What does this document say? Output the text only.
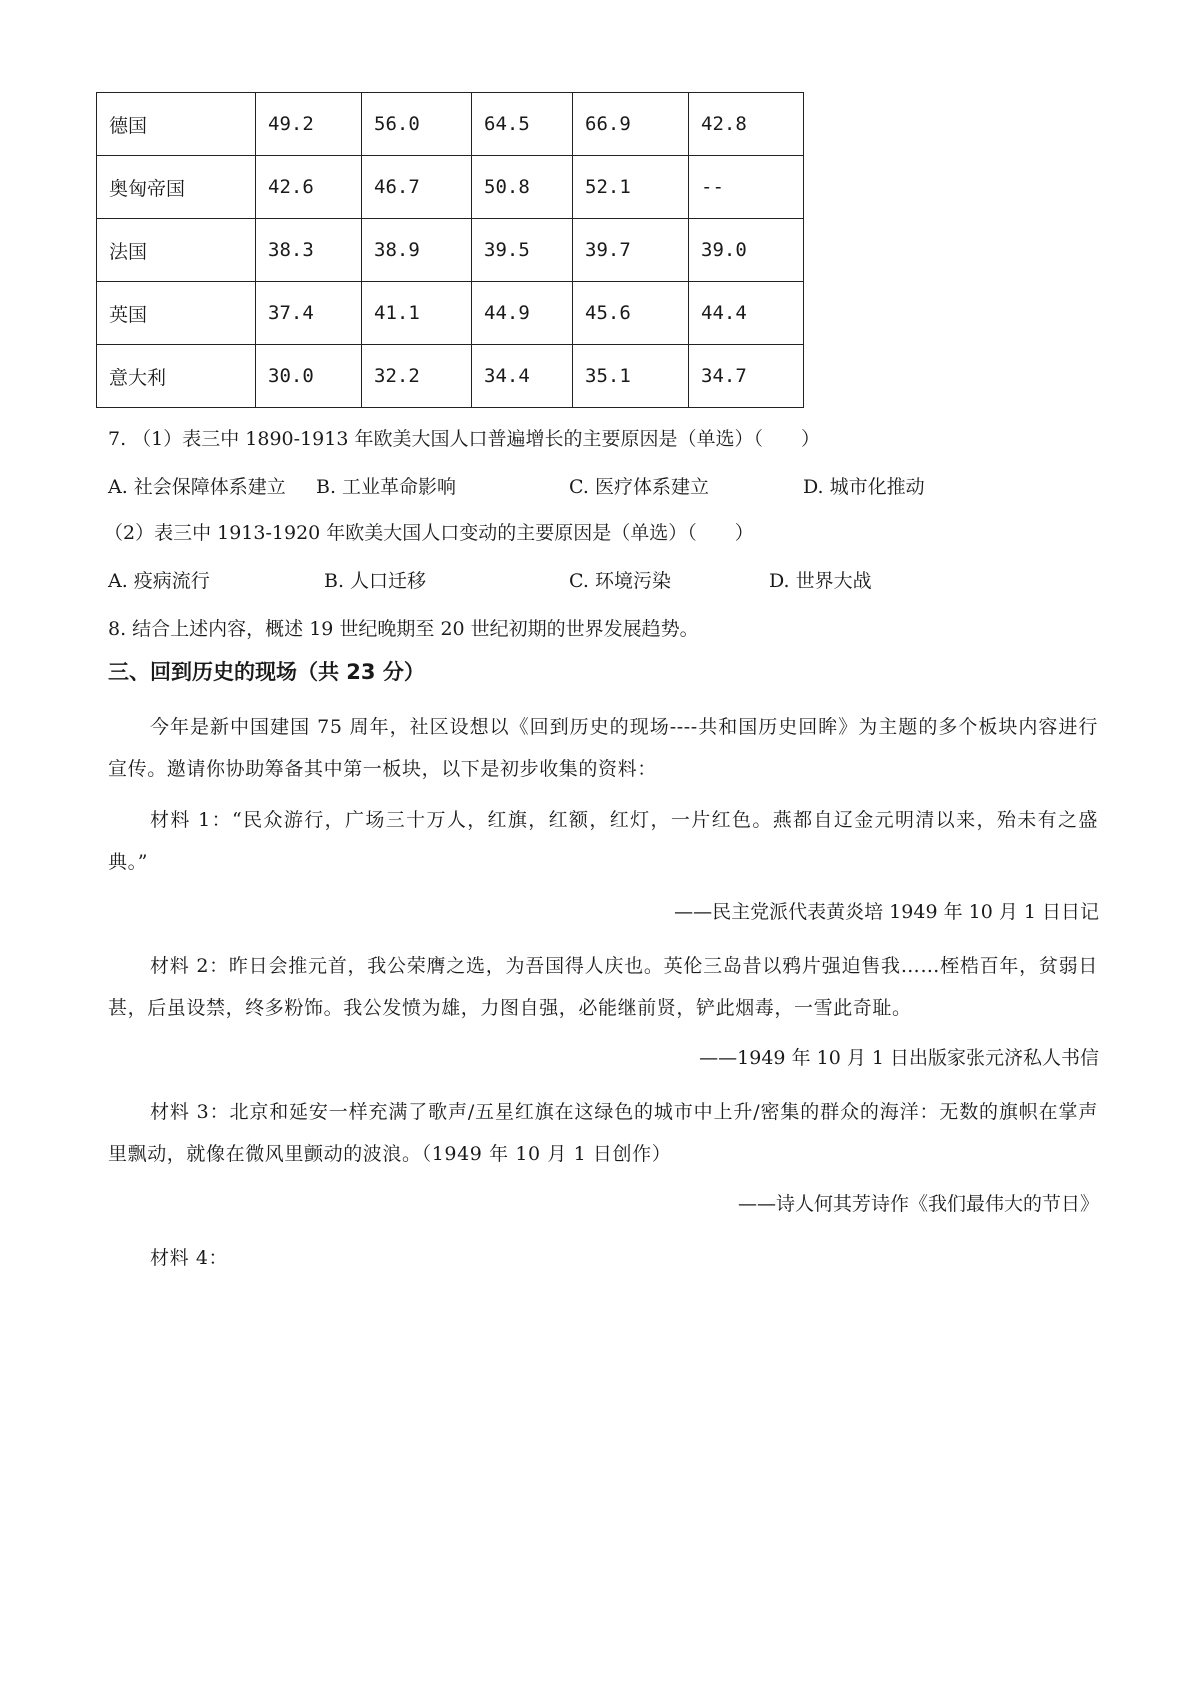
德国	49.2	56.0	64.5	66.9	42.8
奥匈帝国	42.6	46.7	50.8	52.1	--
法国	38.3	38.9	39.5	39.7	39.0
英国	37.4	41.1	44.9	45.6	44.4
意大利	30.0	32.2	34.4	35.1	34.7
7. （1）表三中 1890-1913 年欧美大国人口普遍增长的主要原因是（单选）（　　）
A. 社会保障体系建立 B. 工业革命影响	C. 医疗体系建立	D. 城市化推动
（2）表三中 1913-1920 年欧美大国人口变动的主要原因是（单选）（　　）
A. 疫病流行	B. 人口迁移	C. 环境污染	D. 世界大战
8. 结合上述内容，概述 19 世纪晚期至 20 世纪初期的世界发展趋势。
三、回到历史的现场（共 23 分）
今年是新中国建国 75 周年，社区设想以《回到历史的现场----共和国历史回眸》为主题的多个板块内容进行宣传。邀请你协助筹备其中第一板块，以下是初步收集的资料：
材料 1：“民众游行，广场三十万人，红旗，红额，红灯，一片红色。燕都自辽金元明清以来，殆未有之盛典。”
——民主党派代表黄炎培 1949 年 10 月 1 日日记
材料 2：昨日会推元首，我公荣膺之选，为吾国得人庆也。英伦三岛昔以鸦片强迫售我……桎梏百年，贫弱日甚，后虽设禁，终多粉饰。我公发愤为雄，力图自强，必能继前贤，铲此烟毒，一雪此奇耻。
——1949 年 10 月 1 日出版家张元济私人书信
材料 3：北京和延安一样充满了歌声/五星红旗在这绿色的城市中上升/密集的群众的海洋：无数的旗帜在掌声里飘动，就像在微风里颤动的波浪。（1949 年 10 月 1 日创作）
——诗人何其芳诗作《我们最伟大的节日》
材料 4：
